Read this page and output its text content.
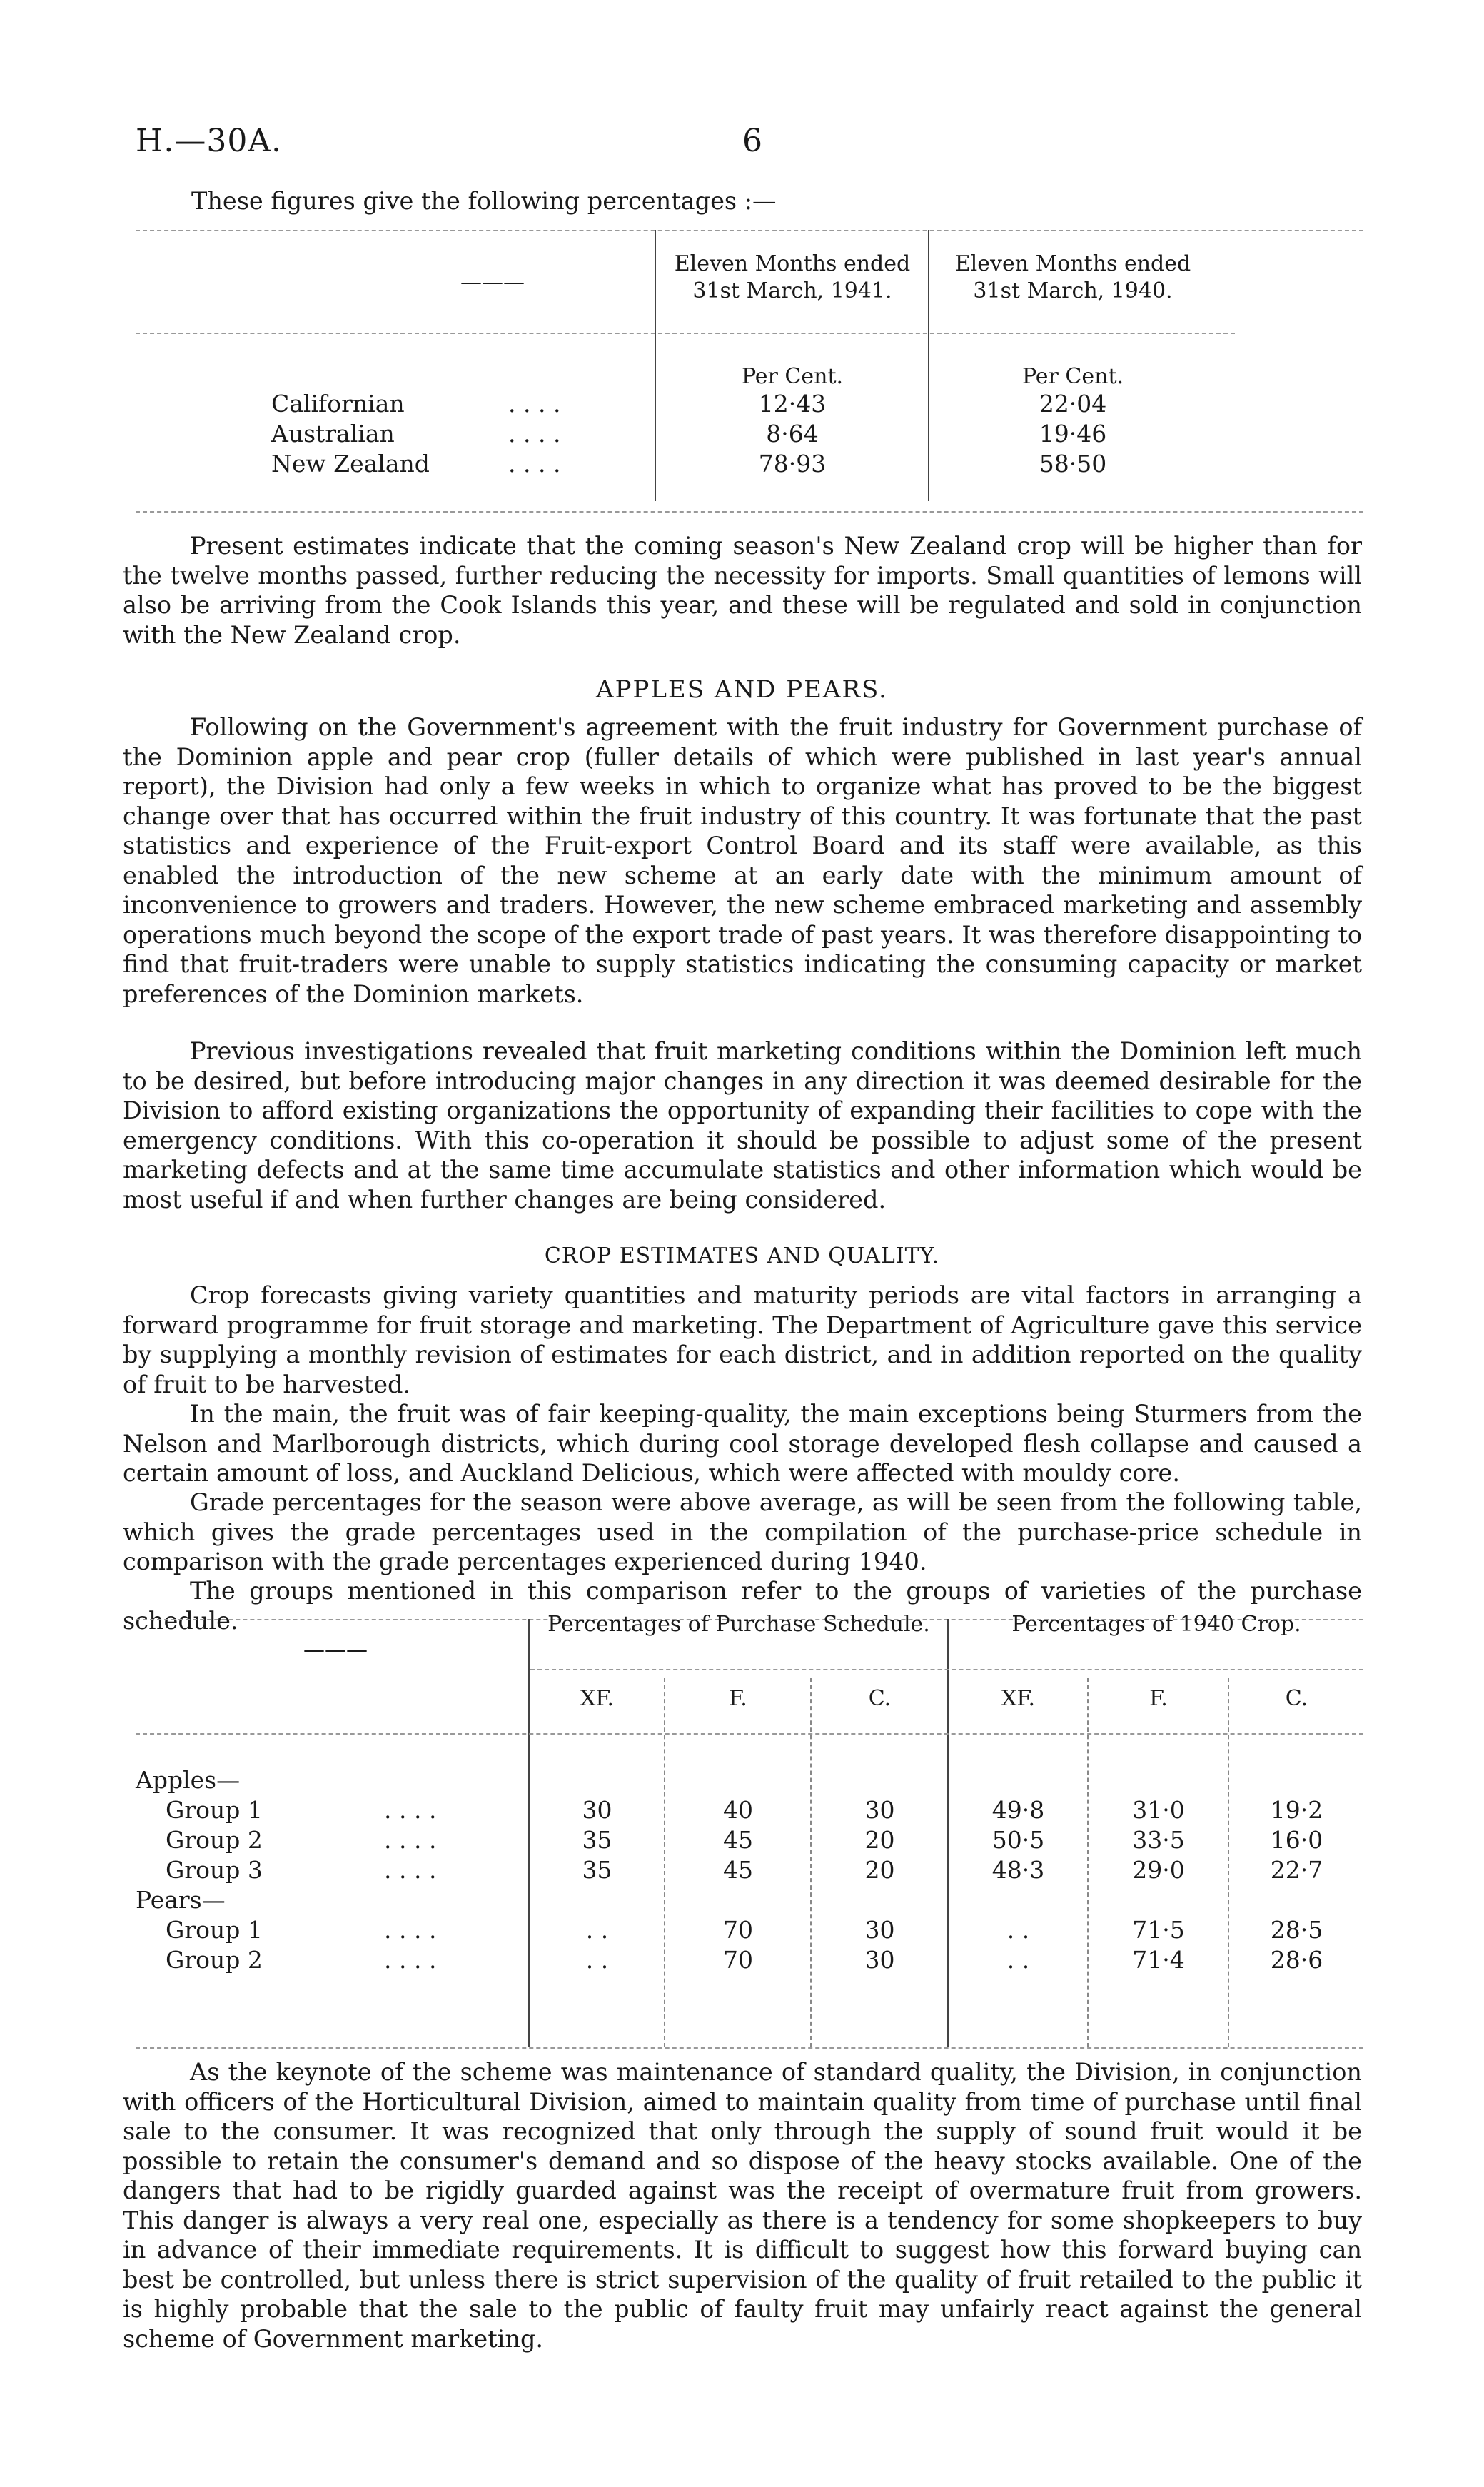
H.—30A.	6
These figures give the following percentages :—
———
Eleven Months ended
31st March, 1941.
Eleven Months ended
31st March, 1940.
Per Cent.	Per Cent.
Californian	. . . .	12·43	22·04
Australian	. . . .	8·64	19·46
New Zealand	. . . .	78·93	58·50

Present estimates indicate that the coming season's New Zealand crop will be higher than for the twelve months passed, further reducing the necessity for imports. Small quantities of lemons will also be arriving from the Cook Islands this year, and these will be regulated and sold in conjunction with the New Zealand crop.

APPLES AND PEARS.

Following on the Government's agreement with the fruit industry for Government purchase of the Dominion apple and pear crop (fuller details of which were published in last year's annual report), the Division had only a few weeks in which to organize what has proved to be the biggest change over that has occurred within the fruit industry of this country. It was fortunate that the past statistics and experience of the Fruit-export Control Board and its staff were available, as this enabled the introduction of the new scheme at an early date with the minimum amount of inconvenience to growers and traders. However, the new scheme embraced marketing and assembly operations much beyond the scope of the export trade of past years. It was therefore disappointing to find that fruit-traders were unable to supply statistics indicating the consuming capacity or market preferences of the Dominion markets.

Previous investigations revealed that fruit marketing conditions within the Dominion left much to be desired, but before introducing major changes in any direction it was deemed desirable for the Division to afford existing organizations the opportunity of expanding their facilities to cope with the emergency conditions. With this co-operation it should be possible to adjust some of the present marketing defects and at the same time accumulate statistics and other information which would be most useful if and when further changes are being considered.

CROP ESTIMATES AND QUALITY.

Crop forecasts giving variety quantities and maturity periods are vital factors in arranging a forward programme for fruit storage and marketing. The Department of Agriculture gave this service by supplying a monthly revision of estimates for each district, and in addition reported on the quality of fruit to be harvested.

In the main, the fruit was of fair keeping-quality, the main exceptions being Sturmers from the Nelson and Marlborough districts, which during cool storage developed flesh collapse and caused a certain amount of loss, and Auckland Delicious, which were affected with mouldy core.

Grade percentages for the season were above average, as will be seen from the following table, which gives the grade percentages used in the compilation of the purchase-price schedule in comparison with the grade percentages experienced during 1940.

The groups mentioned in this comparison refer to the groups of varieties of the purchase schedule.

———
Percentages of Purchase Schedule.	Percentages of 1940 Crop.
XF.	F.	C.	XF.	F.	C.
Apples—
Group 1	. . . .	30	40	30	49·8	31·0	19·2
Group 2	. . . .	35	45	20	50·5	33·5	16·0
Group 3	. . . .	35	45	20	48·3	29·0	22·7
Pears—
Group 1	. . . .	. .	70	30	. .	71·5	28·5
Group 2	. . . .	. .	70	30	. .	71·4	28·6

As the keynote of the scheme was maintenance of standard quality, the Division, in conjunction with officers of the Horticultural Division, aimed to maintain quality from time of purchase until final sale to the consumer. It was recognized that only through the supply of sound fruit would it be possible to retain the consumer's demand and so dispose of the heavy stocks available. One of the dangers that had to be rigidly guarded against was the receipt of overmature fruit from growers. This danger is always a very real one, especially as there is a tendency for some shopkeepers to buy in advance of their immediate requirements. It is difficult to suggest how this forward buying can best be controlled, but unless there is strict supervision of the quality of fruit retailed to the public it is highly probable that the sale to the public of faulty fruit may unfairly react against the general scheme of Government marketing.
